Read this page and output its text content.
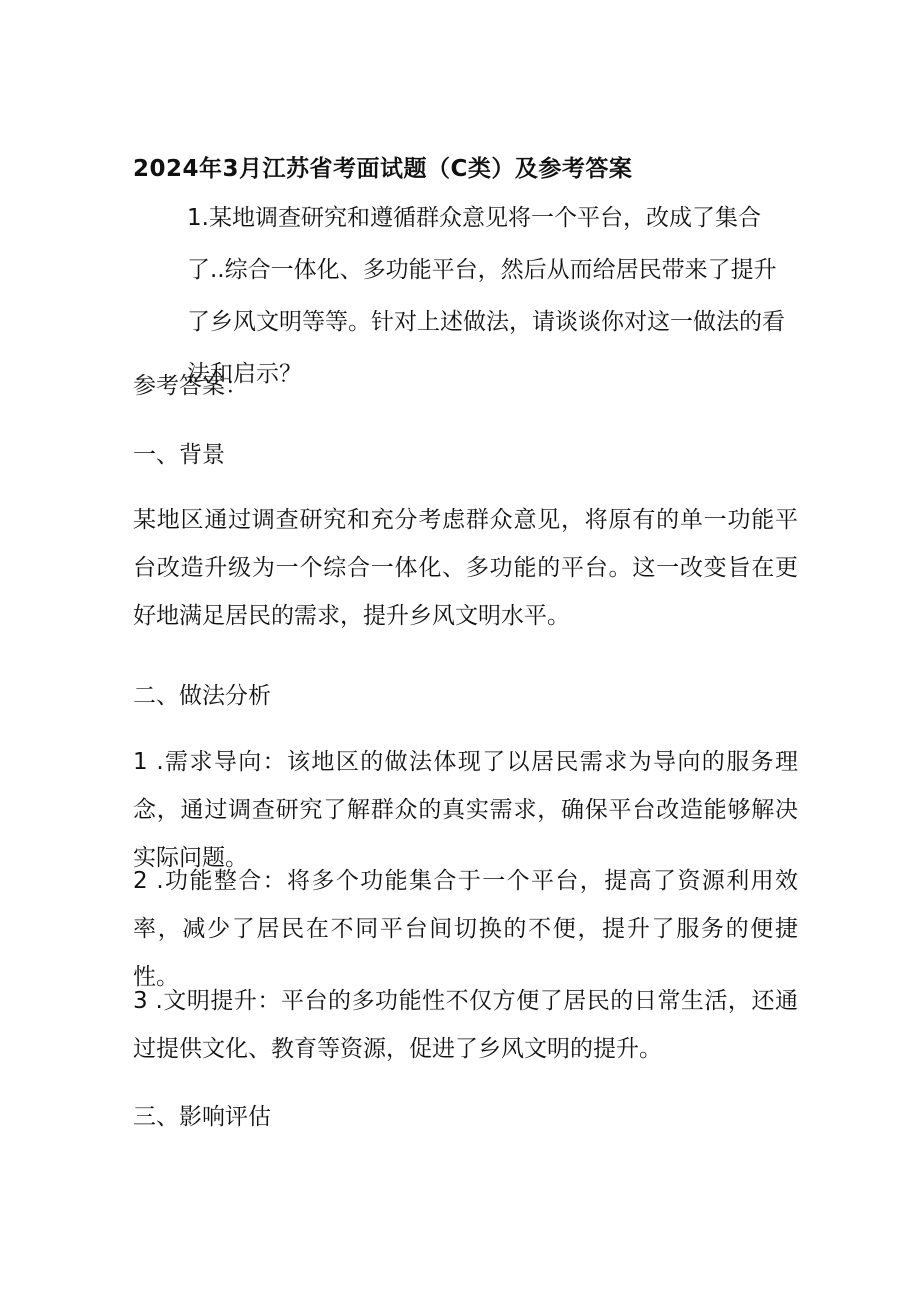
2024年3月江苏省考面试题（C类）及参考答案
1.某地调查研究和遵循群众意见将一个平台，改成了集合了..综合一体化、多功能平台，然后从而给居民带来了提升了乡风文明等等。针对上述做法，请谈谈你对这一做法的看法和启示？
参考答案：
一、背景
某地区通过调查研究和充分考虑群众意见，将原有的单一功能平台改造升级为一个综合一体化、多功能的平台。这一改变旨在更好地满足居民的需求，提升乡风文明水平。
二、做法分析
1 .需求导向：该地区的做法体现了以居民需求为导向的服务理念，通过调查研究了解群众的真实需求，确保平台改造能够解决实际问题。
2 .功能整合：将多个功能集合于一个平台，提高了资源利用效率，减少了居民在不同平台间切换的不便，提升了服务的便捷性。
3 .文明提升：平台的多功能性不仅方便了居民的日常生活，还通过提供文化、教育等资源，促进了乡风文明的提升。
三、影响评估
